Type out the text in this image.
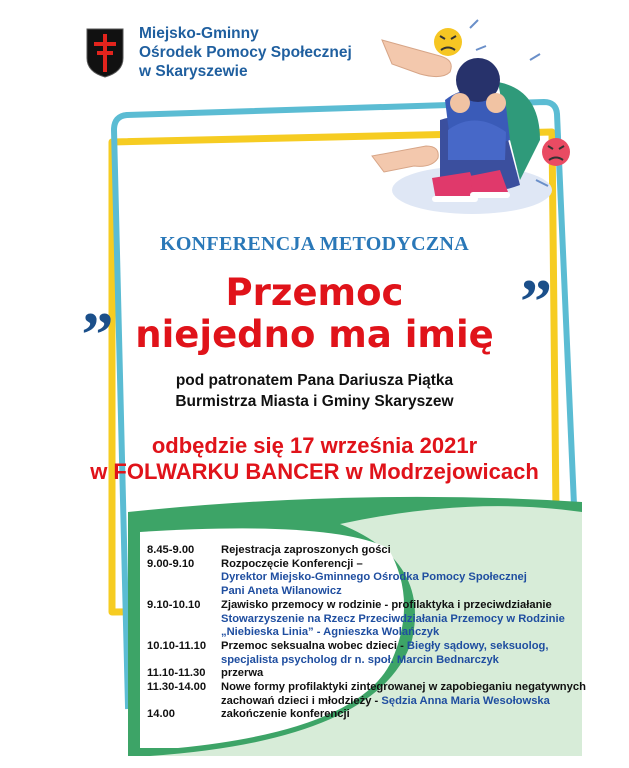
Miejsko-Gminny
Ośrodek Pomocy Społecznej
w Skaryszewie
KONFERENCJA METODYCZNA
„	”
Przemoc
niejedno ma imię
pod patronatem Pana Dariusza Piątka
Burmistrza Miasta i Gminy Skaryszew
odbędzie się 17 września 2021r
w FOLWARKU BANCER w Modrzejowicach
8.45-9.00	Rejestracja zaproszonych gości
9.00-9.10	Rozpoczęcie Konferencji –
Dyrektor Miejsko-Gminnego Ośrodka Pomocy Społecznej
Pani Aneta Wilanowicz
9.10-10.10	Zjawisko przemocy w rodzinie - profilaktyka i przeciwdziałanie
Stowarzyszenie na Rzecz Przeciwdziałania Przemocy w Rodzinie
„Niebieska Linia” - Agnieszka Wolańczyk
10.10-11.10	Przemoc seksualna wobec dzieci - Biegły sądowy, seksuolog,
specjalista psycholog dr n. społ. Marcin Bednarczyk
11.10-11.30	przerwa
11.30-14.00	Nowe formy profilaktyki zintegrowanej w zapobieganiu negatywnych
zachowań dzieci i młodzieży - Sędzia Anna Maria Wesołowska
14.00	zakończenie konferencji
